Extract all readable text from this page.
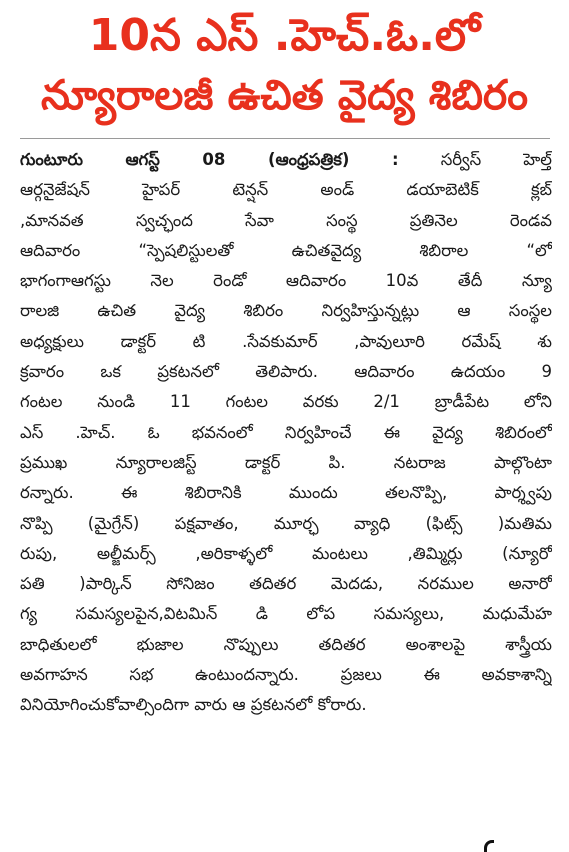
10న ఎస్ .హెచ్.ఓ.లో
న్యూరాలజీ ఉచిత వైద్య శిబిరం
గుంటూరు ఆగస్ట్ 08 (ఆంధ్రపత్రిక) :	సర్వీస్ హెల్త్
ఆర్గనైజేషన్ హైపర్ టెన్షన్ అండ్ డయాబెటిక్ క్లబ్
,మానవత స్వచ్ఛంద సేవా సంస్థ ప్రతినెల రెండవ
ఆదివారం “స్పెషలిస్టులతో ఉచితవైద్య శిబిరాల “లో
భాగంగాఆగస్టు నెల రెండో ఆదివారం 10వ తేదీ న్యూ
రాలజి ఉచిత వైద్య శిబిరం నిర్వహిస్తున్నట్లు ఆ సంస్థల
అధ్యక్షులు డాక్టర్ టి .సేవకుమార్ ,పావులూరి రమేష్ శు
క్రవారం ఒక ప్రకటనలో తెలిపారు. ఆదివారం ఉదయం 9
గంటల నుండి 11 గంటల వరకు 2/1 బ్రాడీపేట లోని
ఎస్ .హెచ్. ఓ భవనంలో నిర్వహించే ఈ వైద్య శిబిరంలో
ప్రముఖ న్యూరాలజిస్ట్ డాక్టర్ పి. నటరాజ పాల్గొంటా
రన్నారు. ఈ శిబిరానికి ముందు తలనొప్పి, పార్శ్వపు
నొప్పి (మైగ్రేన్) పక్షవాతం, మూర్ఛ వ్యాధి (ఫిట్స్ )మతిమ
రుపు, అల్జీమర్స్ ,అరికాళ్ళలో మంటలు ,తిమ్మిర్లు (న్యూరో
పతి )పార్కిన్ సోనిజం తదితర మెదడు, నరముల అనారో
గ్య సమస్యలపైన,విటమిన్ డి లోప సమస్యలు, మధుమేహ
బాధితులలో భుజాల నొప్పులు తదితర అంశాలపై శాస్త్రీయ
అవగాహన సభ ఉంటుందన్నారు. ప్రజలు ఈ అవకాశాన్ని
వినియోగించుకోవాల్సిందిగా వారు ఆ ప్రకటనలో కోరారు.
